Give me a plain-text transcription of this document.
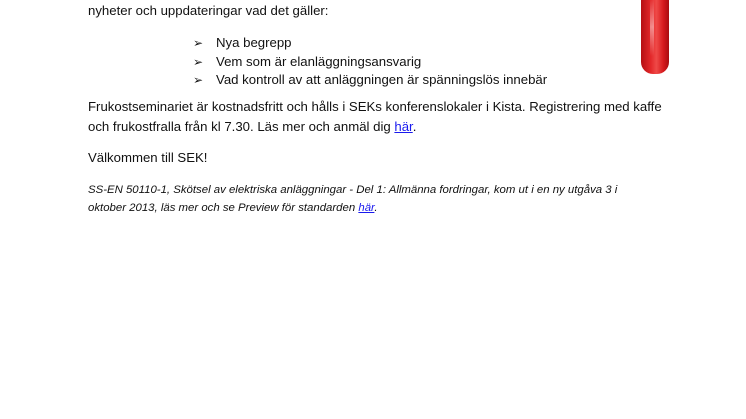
nyheter och uppdateringar vad det gäller:
➢ Nya begrepp
➢ Vem som är elanläggningsansvarig
➢ Vad kontroll av att anläggningen är spänningslös innebär
Frukostseminariet är kostnadsfritt och hålls i SEKs konferenslokaler i Kista. Registrering med kaffe
och frukostfralla från kl 7.30. Läs mer och anmäl dig här.
Välkommen till SEK!
SS-EN 50110-1, Skötsel av elektriska anläggningar - Del 1: Allmänna fordringar, kom ut i en ny utgåva 3 i
oktober 2013, läs mer och se Preview för standarden här.
